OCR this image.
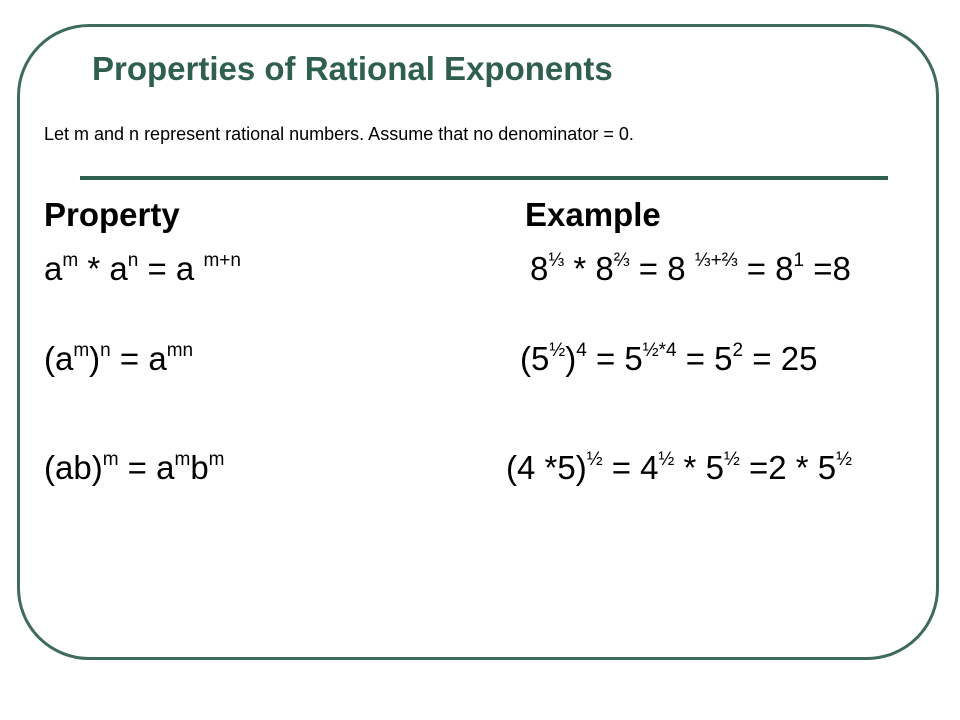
Properties of Rational Exponents
Let m and n represent rational numbers. Assume that no denominator = 0.
Property	Example
$a^m * a^n = a$ $^{m+n}$	$8^{\frac{1}{3}} * 8^{\frac{2}{3}} = 8$ $^{\frac{1}{3}+\frac{2}{3}} = 8^1 =8$
$(a^m)^n = a^{mn}$	$(5^{\frac{1}{2}})^4 = 5^{\frac{1}{2}*4} = 5^2 = 25$
$(ab)^m = a^mb^m$	(4 $*5)^{\frac{1}{2}} = 4^{\frac{1}{2}} * 5^{\frac{1}{2}} =2 * 5^{\frac{1}{2}}$
